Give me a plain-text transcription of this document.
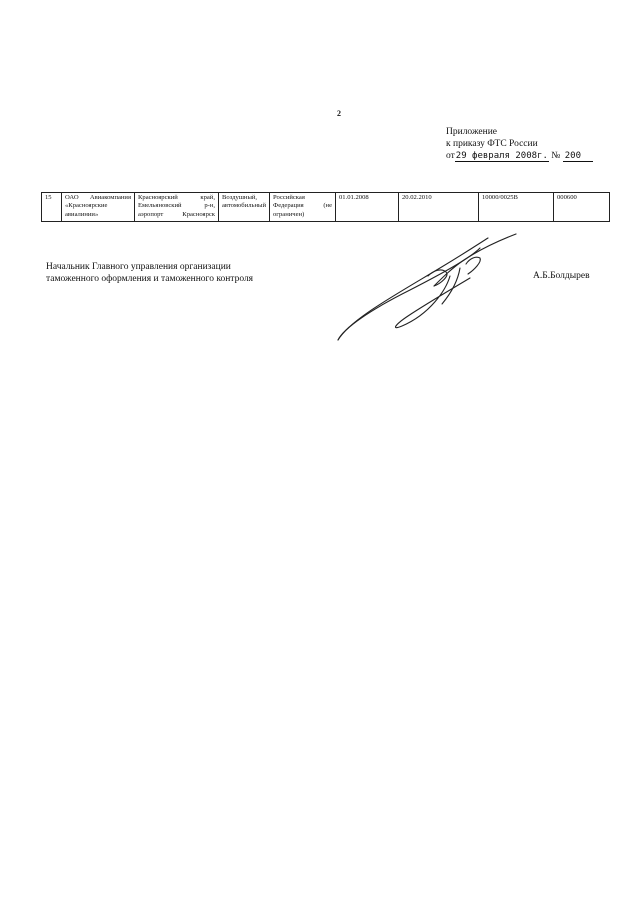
2
Приложение
к приказу ФТС России
от29 февраля 2008г. № 200
15	ОАО Авиакомпания «Красноярские авиалинии»	Красноярский край, Емельяновский р-н, аэропорт Красноярск	Воздушный, автомобильный	Российская Федерация (не ограничен)	01.01.2008	20.02.2010	10000/0025В	000600
Начальник Главного управления организации
таможенного оформления и таможенного контроля	А.Б.Болдырев
